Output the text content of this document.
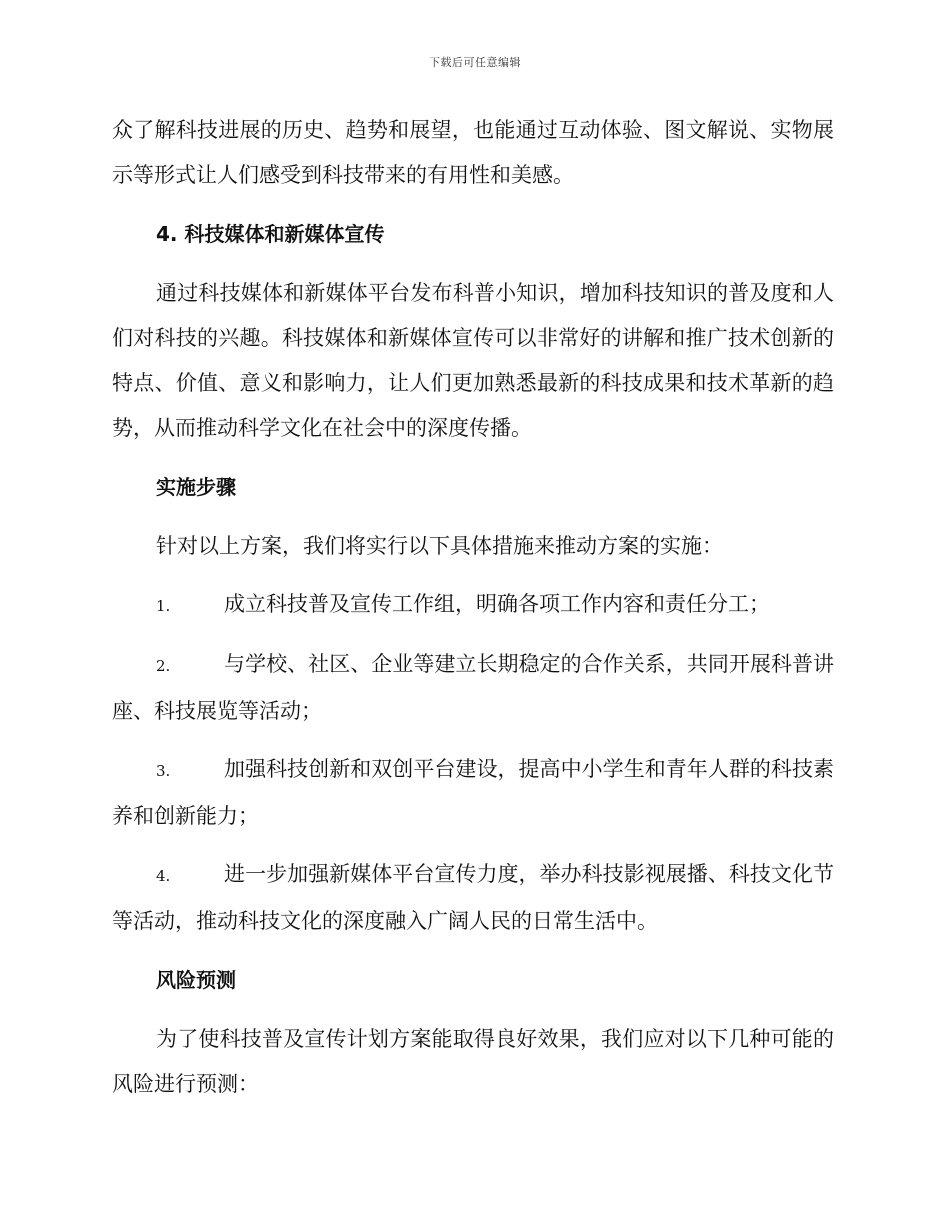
下载后可任意编辑

众了解科技进展的历史、趋势和展望，也能通过互动体验、图文解说、实物展示等形式让人们感受到科技带来的有用性和美感。

4. 科技媒体和新媒体宣传

通过科技媒体和新媒体平台发布科普小知识，增加科技知识的普及度和人们对科技的兴趣。科技媒体和新媒体宣传可以非常好的讲解和推广技术创新的特点、价值、意义和影响力，让人们更加熟悉最新的科技成果和技术革新的趋势，从而推动科学文化在社会中的深度传播。

实施步骤

针对以上方案，我们将实行以下具体措施来推动方案的实施：

1.	成立科技普及宣传工作组，明确各项工作内容和责任分工；
2.	与学校、社区、企业等建立长期稳定的合作关系，共同开展科普讲座、科技展览等活动；
3.	加强科技创新和双创平台建设，提高中小学生和青年人群的科技素养和创新能力；
4.	进一步加强新媒体平台宣传力度，举办科技影视展播、科技文化节等活动，推动科技文化的深度融入广阔人民的日常生活中。
风险预测

为了使科技普及宣传计划方案能取得良好效果，我们应对以下几种可能的风险进行预测：
